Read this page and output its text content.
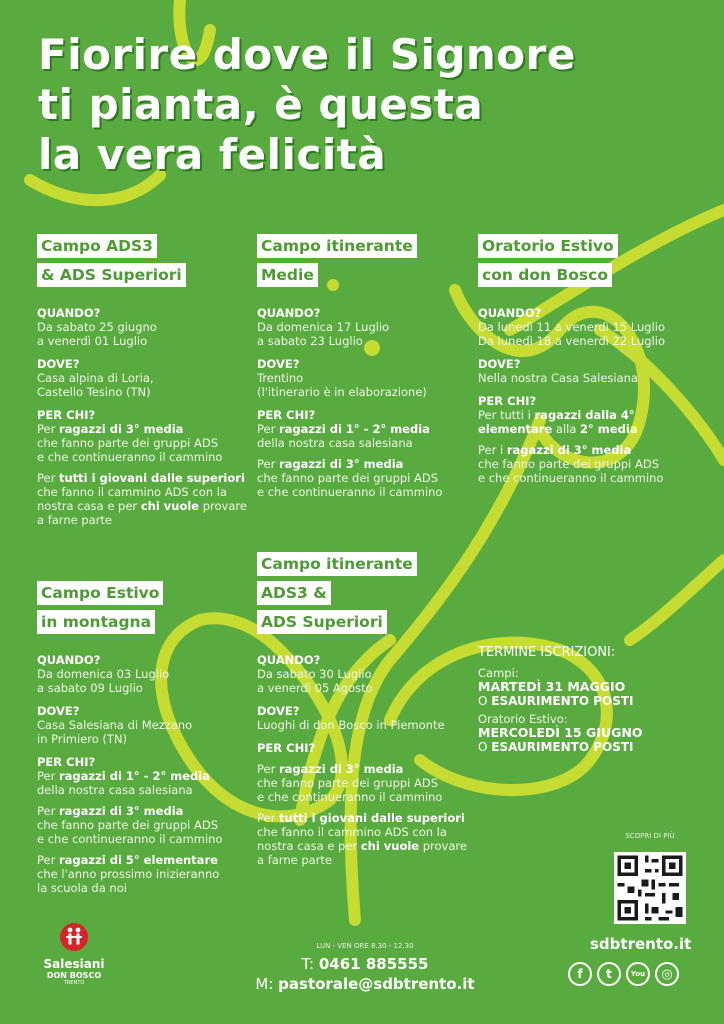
Fiorire dove il Signore
ti pianta, è questa
la vera felicità
Campo ADS3
& ADS Superiori
QUANDO?
Da sabato 25 giugno
a venerdì 01 Luglio
DOVE?
Casa alpina di Loria,
Castello Tesino (TN)
PER CHI?
Per ragazzi di 3° media
che fanno parte dei gruppi ADS
e che continueranno il cammino
Per tutti i giovani dalle superiori
che fanno il cammino ADS con la
nostra casa e per chi vuole provare
a farne parte
Campo itinerante
Medie
QUANDO?
Da domenica 17 Luglio
a sabato 23 Luglio
DOVE?
Trentino
(l'itinerario è in elaborazione)
PER CHI?
Per ragazzi di 1° - 2° media
della nostra casa salesiana
Per ragazzi di 3° media
che fanno parte dei gruppi ADS
e che continueranno il cammino
Oratorio Estivo
con don Bosco
QUANDO?
Da lunedì 11 a venerdì 15 Luglio
Da lunedì 18 a venerdì 22 Luglio
DOVE?
Nella nostra Casa Salesiana
PER CHI?
Per tutti i ragazzi dalla 4°
elementare alla 2° media
Per i ragazzi di 3° media
che fanno parte dei gruppi ADS
e che continueranno il cammino
Campo Estivo
in montagna
QUANDO?
Da domenica 03 Luglio
a sabato 09 Luglio
DOVE?
Casa Salesiana di Mezzano
in Primiero (TN)
PER CHI?
Per ragazzi di 1° - 2° media
della nostra casa salesiana
Per ragazzi di 3° media
che fanno parte dei gruppi ADS
e che continueranno il cammino
Per ragazzi di 5° elementare
che l'anno prossimo inizieranno
la scuola da noi
Campo itinerante
ADS3 &
ADS Superiori
QUANDO?
Da sabato 30 Luglio
a venerdì 05 Agosto
DOVE?
Luoghi di don Bosco in Piemonte
PER CHI?
Per ragazzi di 3° media
che fanno parte dei gruppi ADS
e che continueranno il cammino
Per tutti i giovani dalle superiori
che fanno il cammino ADS con la
nostra casa e per chi vuole provare
a farne parte
TERMINE ISCRIZIONI:
Campi:
MARTEDÌ 31 MAGGIO
O ESAURIMENTO POSTI
Oratorio Estivo:
MERCOLEDÌ 15 GIUGNO
O ESAURIMENTO POSTI
SCOPRI DI PIÙ
Salesiani
DON BOSCO
TRENTO
LUN - VEN ORE 8.30 - 12.30
T: 0461 885555
M: pastorale@sdbtrento.it
sdbtrento.it
f	t	You	◎
